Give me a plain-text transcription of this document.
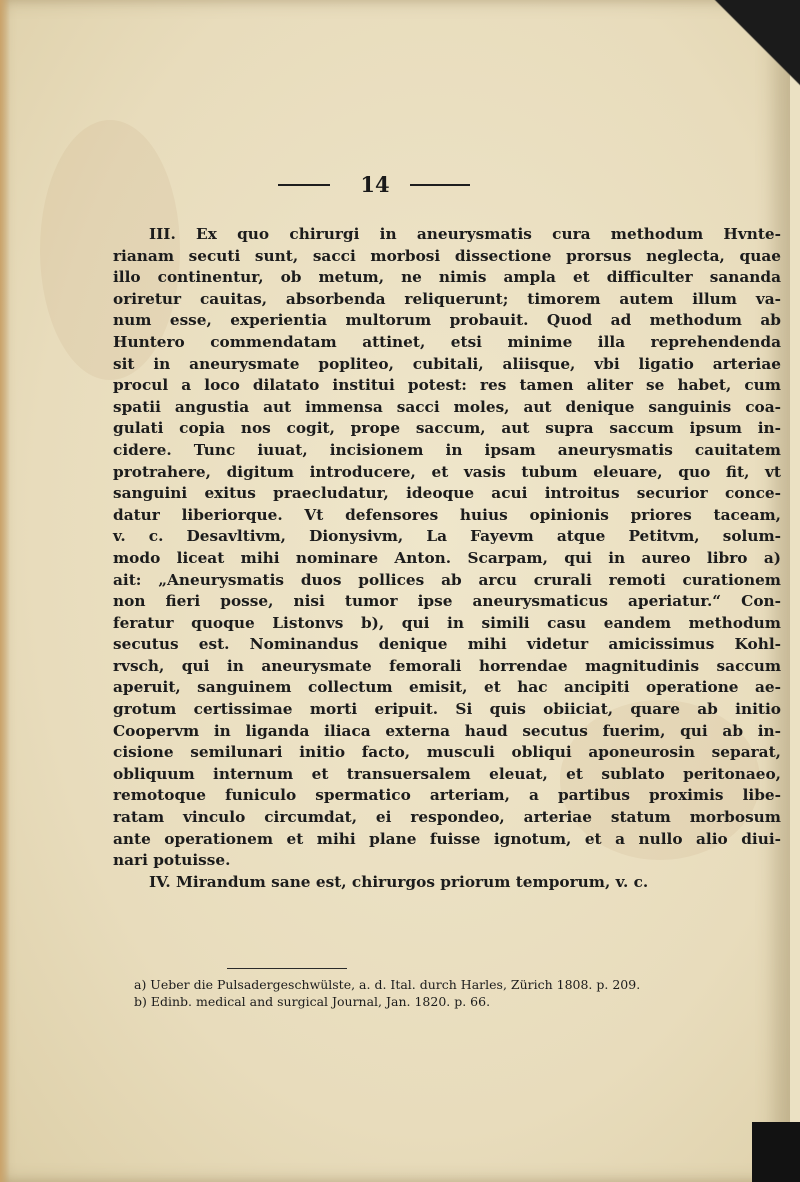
14
III. Ex quo chirurgi in aneurysmatis cura methodum Hvnte-
rianam secuti sunt, sacci morbosi dissectione prorsus neglecta, quae
illo continentur, ob metum, ne nimis ampla et difficulter sananda
oriretur cauitas, absorbenda reliquerunt; timorem autem illum va-
num esse, experientia multorum probauit. Quod ad methodum ab
Huntero commendatam attinet, etsi minime illa reprehendenda
sit in aneurysmate popliteo, cubitali, aliisque, vbi ligatio arteriae
procul a loco dilatato institui potest: res tamen aliter se habet, cum
spatii angustia aut immensa sacci moles, aut denique sanguinis coa-
gulati copia nos cogit, prope saccum, aut supra saccum ipsum in-
cidere. Tunc iuuat, incisionem in ipsam aneurysmatis cauitatem
protrahere, digitum introducere, et vasis tubum eleuare, quo fit, vt
sanguini exitus praecludatur, ideoque acui introitus securior conce-
datur liberiorque. Vt defensores huius opinionis priores taceam,
v. c. Desavltivm, Dionysivm, La Fayevm atque Petitvm, solum-
modo liceat mihi nominare Anton. Scarpam, qui in aureo libro a)
ait: „Aneurysmatis duos pollices ab arcu crurali remoti curationem
non fieri posse, nisi tumor ipse aneurysmaticus aperiatur.“ Con-
feratur quoque Listonvs b), qui in simili casu eandem methodum
secutus est. Nominandus denique mihi videtur amicissimus Kohl-
rvsch, qui in aneurysmate femorali horrendae magnitudinis saccum
aperuit, sanguinem collectum emisit, et hac ancipiti operatione ae-
grotum certissimae morti eripuit. Si quis obiiciat, quare ab initio
Coopervm in liganda iliaca externa haud secutus fuerim, qui ab in-
cisione semilunari initio facto, musculi obliqui aponeurosin separat,
obliquum internum et transuersalem eleuat, et sublato peritonaeo,
remotoque funiculo spermatico arteriam, a partibus proximis libe-
ratam vinculo circumdat, ei respondeo, arteriae statum morbosum
ante operationem et mihi plane fuisse ignotum, et a nullo alio diui-
nari potuisse.
IV. Mirandum sane est, chirurgos priorum temporum, v. c.
a) Ueber die Pulsadergeschwülste, a. d. Ital. durch Harles, Zürich 1808. p. 209.
b) Edinb. medical and surgical Journal, Jan. 1820. p. 66.
